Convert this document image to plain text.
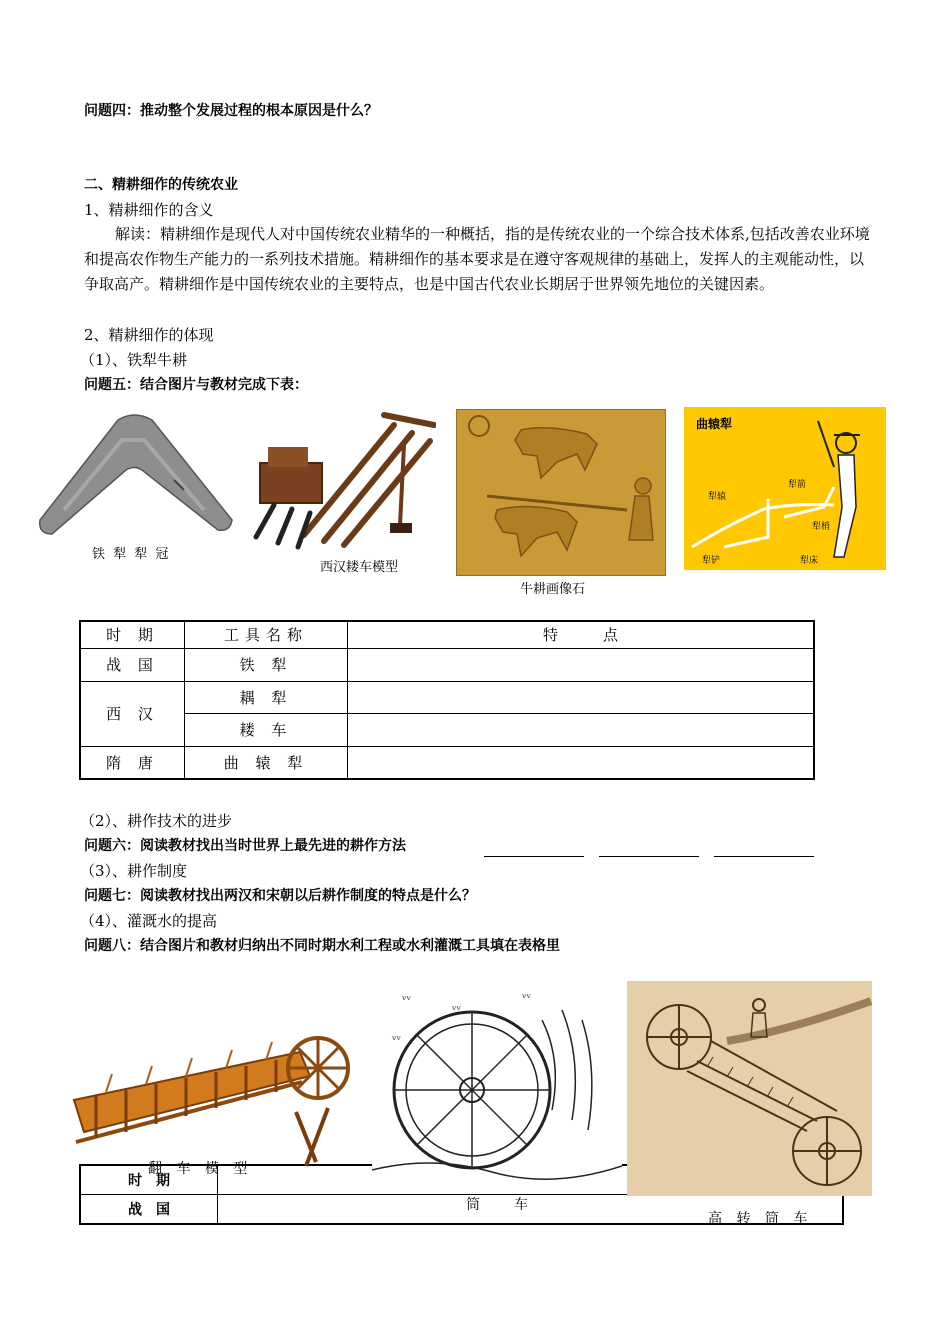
问题四：推动整个发展过程的根本原因是什么？
二、精耕细作的传统农业
1、精耕细作的含义
解读：精耕细作是现代人对中国传统农业精华的一种概括，指的是传统农业的一个综合技术体系,包括改善农业环境和提高农作物生产能力的一系列技术措施。精耕细作的基本要求是在遵守客观规律的基础上，发挥人的主观能动性，以争取高产。精耕细作是中国传统农业的主要特点，也是中国古代农业长期居于世界领先地位的关键因素。
2、精耕细作的体现
（1）、铁犁牛耕
问题五：结合图片与教材完成下表：
铁 犁 犁 冠
西汉耧车模型
牛耕画像石
曲辕犁
犁箭
犁辕
犁梢
犁铲	犁床
时 期	工具名称	特　　　点
战 国	铁 犁	
西 汉	耦 犁	
	耧 车	
隋 唐	曲 辕 犁	
（2）、耕作技术的进步
问题六：阅读教材找出当时世界上最先进的耕作方法
（3）、耕作制度
问题七：阅读教材找出两汉和宋朝以后耕作制度的特点是什么？
（4）、灌溉水的提高
问题八：结合图片和教材归纳出不同时期水利工程或水利灌溉工具填在表格里
时　期	
战　国	
翻 车 模 型
ᵥᵥ
ᵥᵥ
ᵥᵥ
ᵥᵥ
筒　　车
高 转 筒 车
